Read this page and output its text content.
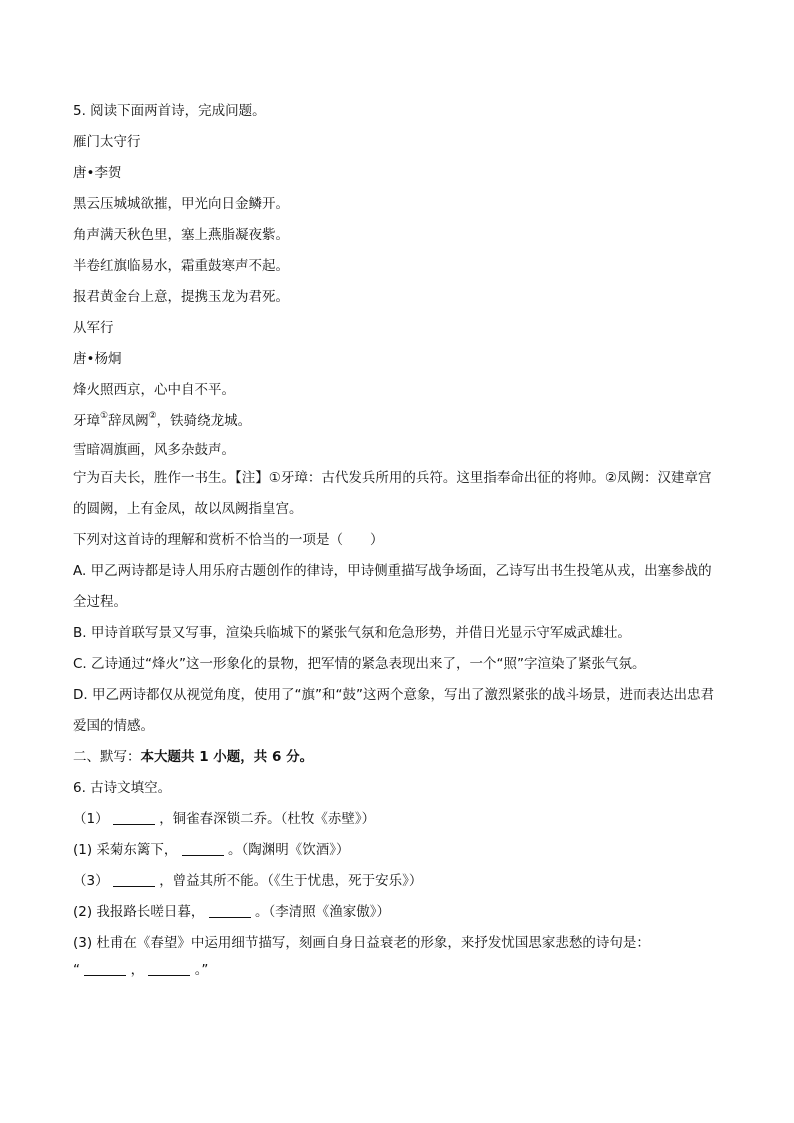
5. 阅读下面两首诗，完成问题。
雁门太守行
唐•李贺
黑云压城城欲摧，甲光向日金鳞开。
角声满天秋色里，塞上燕脂凝夜紫。
半卷红旗临易水，霜重鼓寒声不起。
报君黄金台上意，提携玉龙为君死。
从军行
唐•杨炯
烽火照西京，心中自不平。
牙璋①辞凤阙②，铁骑绕龙城。
雪暗凋旗画，风多杂鼓声。
宁为百夫长，胜作一书生。【注】①牙璋：古代发兵所用的兵符。这里指奉命出征的将帅。②凤阙：汉建章宫的圆阙，上有金凤，故以凤阙指皇宫。
下列对这首诗的理解和赏析不恰当的一项是（　　）
A. 甲乙两诗都是诗人用乐府古题创作的律诗，甲诗侧重描写战争场面，乙诗写出书生投笔从戎，出塞参战的全过程。
B. 甲诗首联写景又写事，渲染兵临城下的紧张气氛和危急形势，并借日光显示守军威武雄壮。
C. 乙诗通过“烽火”这一形象化的景物，把军情的紧急表现出来了，一个“照”字渲染了紧张气氛。
D. 甲乙两诗都仅从视觉角度，使用了“旗”和“鼓”这两个意象，写出了激烈紧张的战斗场景，进而表达出忠君爱国的情感。
二、默写：本大题共 1 小题，共 6 分。
6. 古诗文填空。
（1）	，铜雀春深锁二乔。（杜牧《赤壁》）
(1) 采菊东篱下，	。（陶渊明《饮酒》）
（3）	，曾益其所不能。（《生于忧患，死于安乐》）
(2) 我报路长嗟日暮，	。（李清照《渔家傲》）
(3) 杜甫在《春望》中运用细节描写，刻画自身日益衰老的形象，来抒发忧国思家悲愁的诗句是：
“	，	。”
